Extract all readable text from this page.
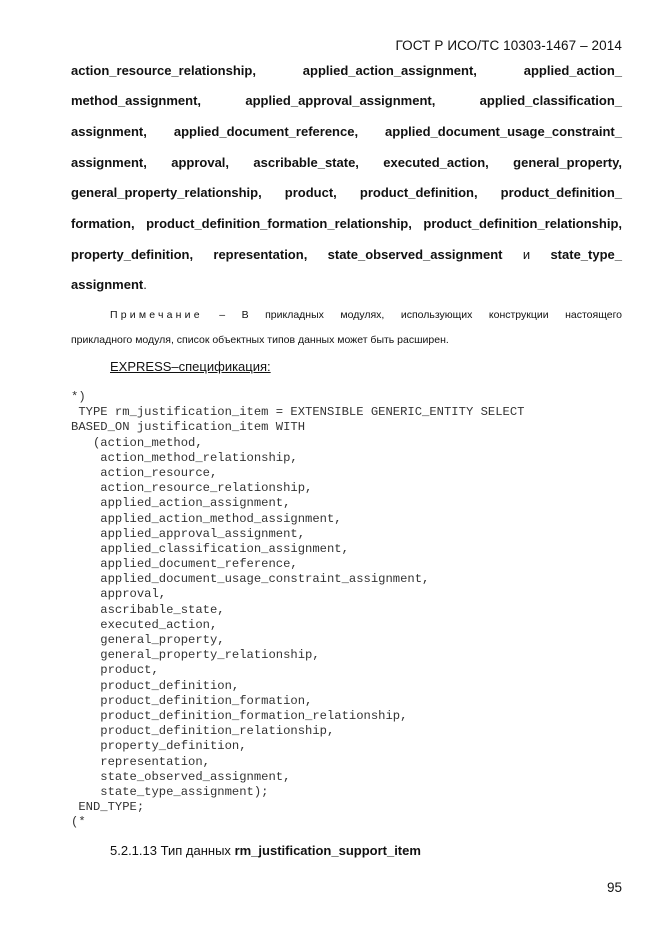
ГОСТ Р ИСО/ТС 10303-1467 – 2014
action_resource_relationship, applied_action_assignment, applied_action_
method_assignment, applied_approval_assignment, applied_classification_
assignment, applied_document_reference, applied_document_usage_constraint_
assignment, approval, ascribable_state, executed_action, general_property,
general_property_relationship, product, product_definition, product_definition_
formation, product_definition_formation_relationship, product_definition_relationship,
property_definition, representation, state_observed_assignment и state_type_
assignment.
Примечание – В прикладных модулях, использующих конструкции настоящего
прикладного модуля, список объектных типов данных может быть расширен.
EXPRESS–спецификация:
*)
TYPE rm_justification_item = EXTENSIBLE GENERIC_ENTITY SELECT
BASED_ON justification_item WITH
(action_method,
action_method_relationship,
action_resource,
action_resource_relationship,
applied_action_assignment,
applied_action_method_assignment,
applied_approval_assignment,
applied_classification_assignment,
applied_document_reference,
applied_document_usage_constraint_assignment,
approval,
ascribable_state,
executed_action,
general_property,
general_property_relationship,
product,
product_definition,
product_definition_formation,
product_definition_formation_relationship,
product_definition_relationship,
property_definition,
representation,
state_observed_assignment,
state_type_assignment);
END_TYPE;
(*
5.2.1.13 Тип данных rm_justification_support_item
95
